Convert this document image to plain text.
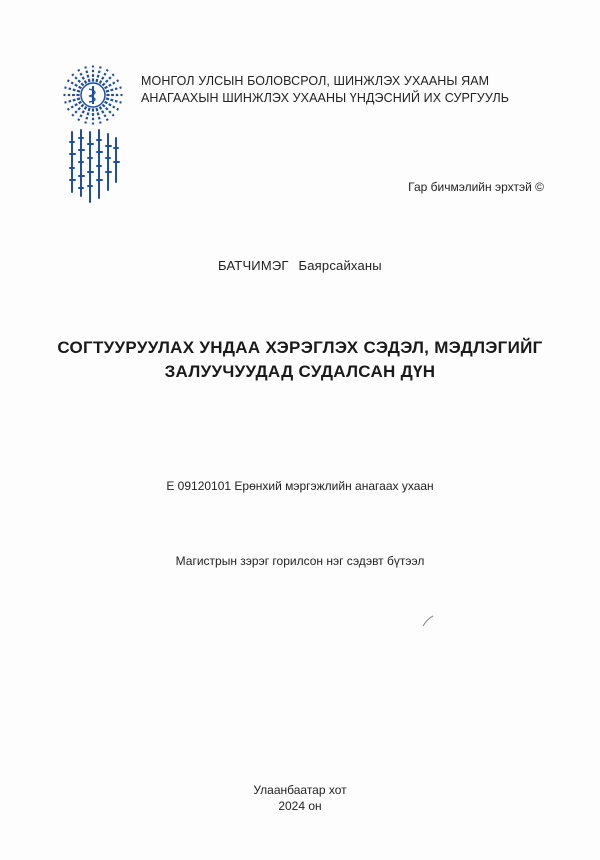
МОНГОЛ УЛСЫН БОЛОВСРОЛ, ШИНЖЛЭХ УХААНЫ ЯАМ
АНАГААХЫН ШИНЖЛЭХ УХААНЫ ҮНДЭСНИЙ ИХ СУРГУУЛЬ
Гар бичмэлийн эрхтэй ©
БАТЧИМЭГ Баярсайханы
СОГТУУРУУЛАХ УНДАА ХЭРЭГЛЭХ СЭДЭЛ, МЭДЛЭГИЙГ
ЗАЛУУЧУУДАД СУДАЛСАН ДҮН
Е 09120101 Ерөнхий мэргэжлийн анагаах ухаан
Магистрын зэрэг горилсон нэг сэдэвт бүтээл
Улаанбаатар хот
2024 он
